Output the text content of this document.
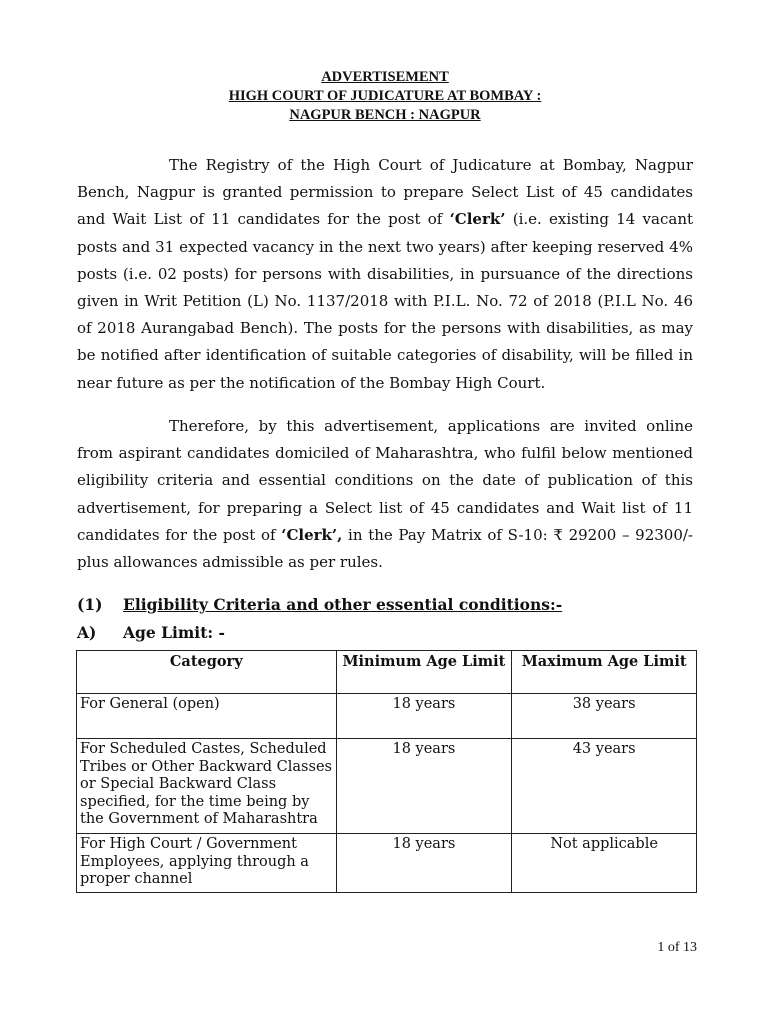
ADVERTISEMENT
HIGH COURT OF JUDICATURE AT BOMBAY :
NAGPUR BENCH : NAGPUR

The Registry of the High Court of Judicature at Bombay, Nagpur Bench, Nagpur is granted permission to prepare Select List of 45 candidates and Wait List of 11 candidates for the post of ‘Clerk’ (i.e. existing 14 vacant posts and 31 expected vacancy in the next two years) after keeping reserved 4% posts (i.e. 02 posts) for persons with disabilities, in pursuance of the directions given in Writ Petition (L) No. 1137/2018 with P.I.L. No. 72 of 2018 (P.I.L No. 46 of 2018 Aurangabad Bench). The posts for the persons with disabilities, as may be notified after identification of suitable categories of disability, will be filled in near future as per the notification of the Bombay High Court.

Therefore, by this advertisement, applications are invited online from aspirant candidates domiciled of Maharashtra, who fulfil below mentioned eligibility criteria and essential conditions on the date of publication of this advertisement, for preparing a Select list of 45 candidates and Wait list of 11 candidates for the post of ‘Clerk’, in the Pay Matrix of S-10: ₹ 29200 – 92300/- plus allowances admissible as per rules.

(1) Eligibility Criteria and other essential conditions:-
A) Age Limit: -
Category	Minimum Age Limit	Maximum Age Limit
For General (open)	18 years	38 years
For Scheduled Castes, Scheduled Tribes or Other Backward Classes or Special Backward Class specified, for the time being by the Government of Maharashtra	18 years	43 years
For High Court / Government Employees, applying through a proper channel	18 years	Not applicable
1 of 13
